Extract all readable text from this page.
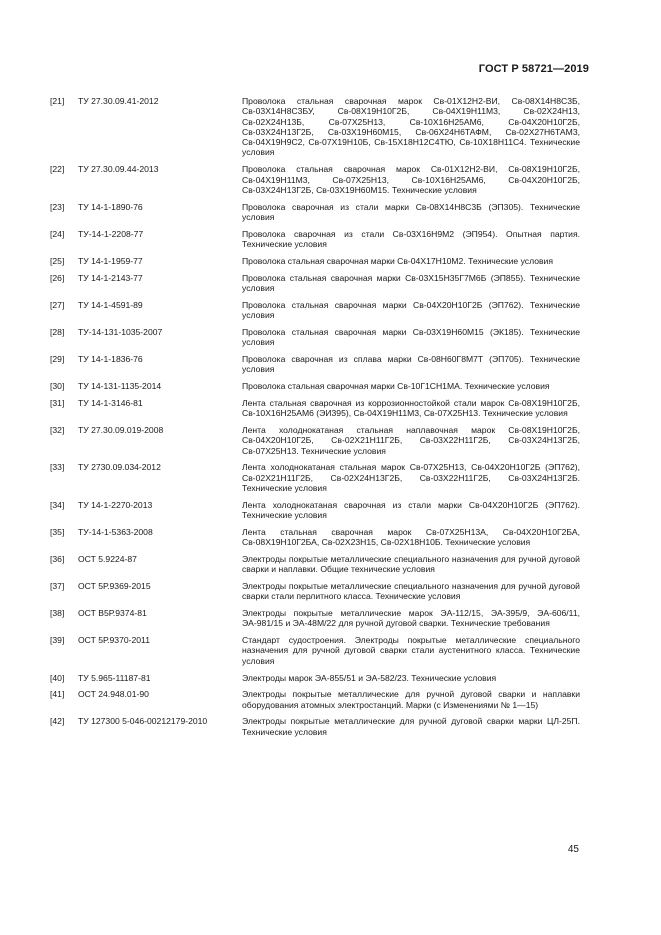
ГОСТ Р 58721—2019
[21]	ТУ 27.30.09.41-2012	Проволока стальная сварочная марок Св-01Х12Н2-ВИ, Св-08Х14Н8С3Б, Св-03Х14Н8С3БУ, Св-08Х19Н10Г2Б, Св-04Х19Н11М3, Св-02Х24Н13, Св-02Х24Н13Б, Св-07Х25Н13, Св-10Х16Н25АМ6, Св-04Х20Н10Г2Б, Св-03Х24Н13Г2Б, Св-03Х19Н60М15, Св-06Х24Н6ТАФМ, Св-02Х27Н6ТАМ3, Св-04Х19Н9С2, Св-07Х19Н10Б, Св-15Х18Н12С4ТЮ, Св-10Х18Н11С4. Технические условия
[22]	ТУ 27.30.09.44-2013	Проволока стальная сварочная марок Св-01Х12Н2-ВИ, Св-08Х19Н10Г2Б, Св-04Х19Н11М3, Св-07Х25Н13, Св-10Х16Н25АМ6, Св-04Х20Н10Г2Б, Св-03Х24Н13Г2Б, Св-03Х19Н60М15. Технические условия
[23]	ТУ 14-1-1890-76	Проволока сварочная из стали марки Св-08Х14Н8С3Б (ЭП305). Технические условия
[24]	ТУ-14-1-2208-77	Проволока сварочная из стали Св-03Х16Н9М2 (ЭП954). Опытная партия. Технические условия
[25]	ТУ 14-1-1959-77	Проволока стальная сварочная марки Св-04Х17Н10М2. Технические условия
[26]	ТУ 14-1-2143-77	Проволока стальная сварочная марки Св-03Х15Н35Г7М6Б (ЭП855). Технические условия
[27]	ТУ 14-1-4591-89	Проволока стальная сварочная марки Св-04Х20Н10Г2Б (ЭП762). Технические условия
[28]	ТУ-14-131-1035-2007	Проволока стальная сварочная марки Св-03Х19Н60М15 (ЭК185). Технические условия
[29]	ТУ 14-1-1836-76	Проволока сварочная из сплава марки Св-08Н60Г8М7Т (ЭП705). Технические условия
[30]	ТУ 14-131-1135-2014	Проволока стальная сварочная марки Св-10Г1СН1МА. Технические условия
[31]	ТУ 14-1-3146-81	Лента стальная сварочная из коррозионностойкой стали марок Св-08Х19Н10Г2Б, Св-10Х16Н25АМ6 (ЭИ395), Св-04Х19Н11М3, Св-07Х25Н13. Технические условия
[32]	ТУ 27.30.09.019-2008	Лента холоднокатаная стальная наплавочная марок Св-08Х19Н10Г2Б, Св-04Х20Н10Г2Б, Св-02Х21Н11Г2Б, Св-03Х22Н11Г2Б, Св-03Х24Н13Г2Б, Св-07Х25Н13. Технические условия
[33]	ТУ 2730.09.034-2012	Лента холоднокатаная стальная марок Св-07Х25Н13, Св-04Х20Н10Г2Б (ЭП762), Св-02Х21Н11Г2Б, Св-02Х24Н13Г2Б, Св-03Х22Н11Г2Б, Св-03Х24Н13Г2Б. Технические условия
[34]	ТУ 14-1-2270-2013	Лента холоднокатаная сварочная из стали марки Св-04Х20Н10Г2Б (ЭП762). Технические условия
[35]	ТУ-14-1-5363-2008	Лента стальная сварочная марок Св-07Х25Н13А, Св-04Х20Н10Г2БА, Св-08Х19Н10Г2БА, Св-02Х23Н15, Св-02Х18Н10Б. Технические условия
[36]	ОСТ 5.9224-87	Электроды покрытые металлические специального назначения для ручной дуговой сварки и наплавки. Общие технические условия
[37]	ОСТ 5Р.9369-2015	Электроды покрытые металлические специального назначения для ручной дуговой сварки стали перлитного класса. Технические условия
[38]	ОСТ В5Р.9374-81	Электроды покрытые металлические марок ЭА-112/15, ЭА-395/9, ЭА-606/11, ЭА-981/15 и ЭА-48М/22 для ручной дуговой сварки. Технические требования
[39]	ОСТ 5Р.9370-2011	Стандарт судостроения. Электроды покрытые металлические специального назначения для ручной дуговой сварки стали аустенитного класса. Технические условия
[40]	ТУ 5.965-11187-81	Электроды марок ЭА-855/51 и ЭА-582/23. Технические условия
[41]	ОСТ 24.948.01-90	Электроды покрытые металлические для ручной дуговой сварки и наплавки оборудования атомных электростанций. Марки (с Изменениями № 1—15)
[42]	ТУ 127300 5-046-00212179-2010	Электроды покрытые металлические для ручной дуговой сварки марки ЦЛ-25П. Технические условия
45
